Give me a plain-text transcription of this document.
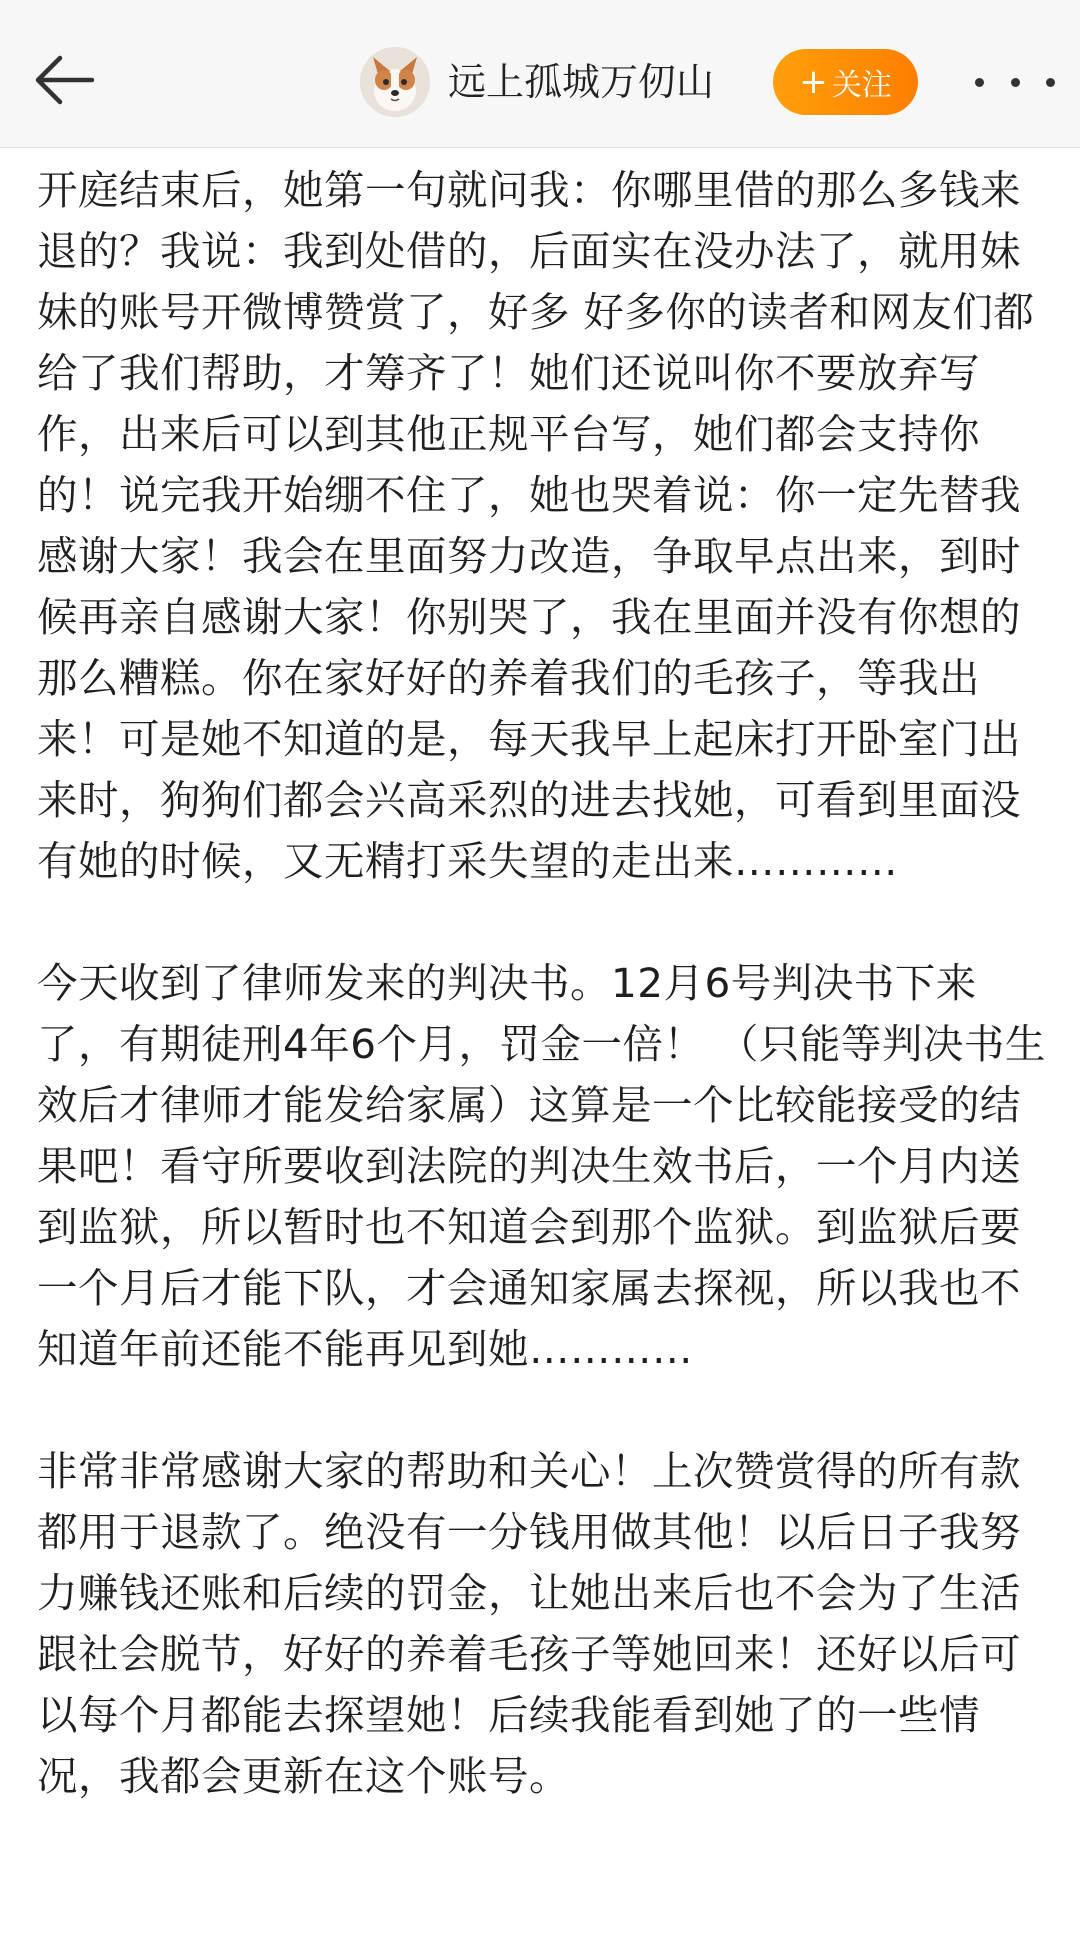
远上孤城万仞山	+ 关注

开庭结束后，她第一句就问我：你哪里借的那么多钱来退的？我说：我到处借的，后面实在没办法了，就用妹妹的账号开微博赞赏了，好多 好多你的读者和网友们都给了我们帮助，才筹齐了！她们还说叫你不要放弃写作，出来后可以到其他正规平台写，她们都会支持你的！说完我开始绷不住了，她也哭着说：你一定先替我感谢大家！我会在里面努力改造，争取早点出来，到时候再亲自感谢大家！你别哭了，我在里面并没有你想的那么糟糕。你在家好好的养着我们的毛孩子，等我出来！可是她不知道的是，每天我早上起床打开卧室门出来时，狗狗们都会兴高采烈的进去找她，可看到里面没有她的时候，又无精打采失望的走出来…………

今天收到了律师发来的判决书。12月6号判决书下来了，有期徒刑4年6个月，罚金一倍！ （只能等判决书生效后才律师才能发给家属）这算是一个比较能接受的结果吧！看守所要收到法院的判决生效书后，一个月内送到监狱，所以暂时也不知道会到那个监狱。到监狱后要一个月后才能下队，才会通知家属去探视，所以我也不知道年前还能不能再见到她…………

非常非常感谢大家的帮助和关心！上次赞赏得的所有款都用于退款了。绝没有一分钱用做其他！以后日子我努力赚钱还账和后续的罚金，让她出来后也不会为了生活跟社会脱节，好好的养着毛孩子等她回来！还好以后可以每个月都能去探望她！后续我能看到她了的一些情况，我都会更新在这个账号。
